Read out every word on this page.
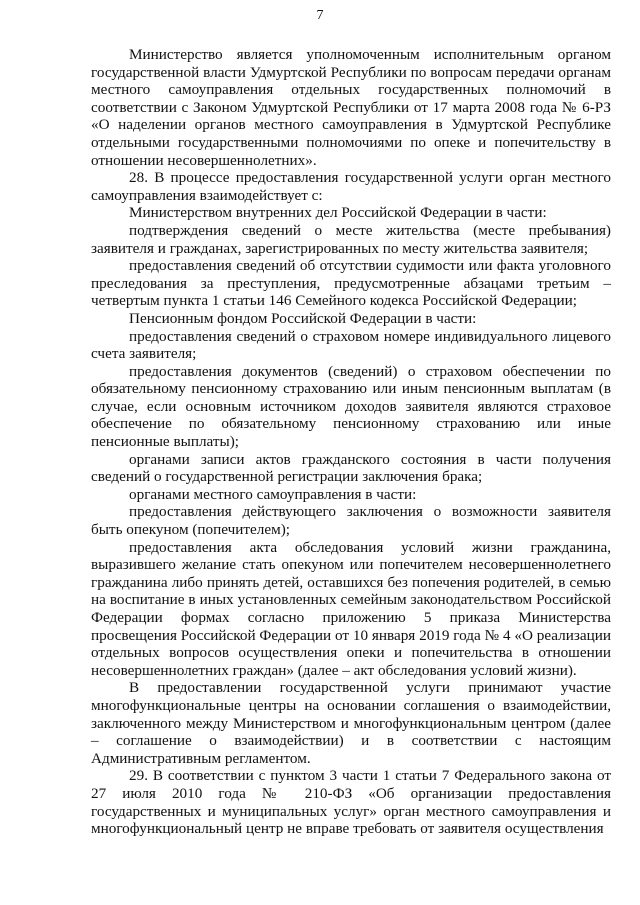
7

Министерство является уполномоченным исполнительным органом государственной власти Удмуртской Республики по вопросам передачи органам местного самоуправления отдельных государственных полномочий в соответствии с Законом Удмуртской Республики от 17 марта 2008 года № 6-РЗ «О наделении органов местного самоуправления в Удмуртской Республике отдельными государственными полномочиями по опеке и попечительству в отношении несовершеннолетних».

28. В процессе предоставления государственной услуги орган местного самоуправления взаимодействует с:

Министерством внутренних дел Российской Федерации в части:

подтверждения сведений о месте жительства (месте пребывания) заявителя и гражданах, зарегистрированных по месту жительства заявителя;

предоставления сведений об отсутствии судимости или факта уголовного преследования за преступления, предусмотренные абзацами третьим – четвертым пункта 1 статьи 146 Семейного кодекса Российской Федерации;

Пенсионным фондом Российской Федерации в части:

предоставления сведений о страховом номере индивидуального лицевого счета заявителя;

предоставления документов (сведений) о страховом обеспечении по обязательному пенсионному страхованию или иным пенсионным выплатам (в случае, если основным источником доходов заявителя являются страховое обеспечение по обязательному пенсионному страхованию или иные пенсионные выплаты);

органами записи актов гражданского состояния в части получения сведений о государственной регистрации заключения брака;

органами местного самоуправления в части:

предоставления действующего заключения о возможности заявителя быть опекуном (попечителем);

предоставления акта обследования условий жизни гражданина, выразившего желание стать опекуном или попечителем несовершеннолетнего гражданина либо принять детей, оставшихся без попечения родителей, в семью на воспитание в иных установленных семейным законодательством Российской Федерации формах согласно приложению 5 приказа Министерства просвещения Российской Федерации от 10 января 2019 года № 4 «О реализации отдельных вопросов осуществления опеки и попечительства в отношении несовершеннолетних граждан» (далее – акт обследования условий жизни).

В предоставлении государственной услуги принимают участие многофункциональные центры на основании соглашения о взаимодействии, заключенного между Министерством и многофункциональным центром (далее – соглашение о взаимодействии) и в соответствии с настоящим Административным регламентом.

29. В соответствии с пунктом 3 части 1 статьи 7 Федерального закона от 27 июля 2010 года № 210-ФЗ «Об организации предоставления государственных и муниципальных услуг» орган местного самоуправления и многофункциональный центр не вправе требовать от заявителя осуществления
